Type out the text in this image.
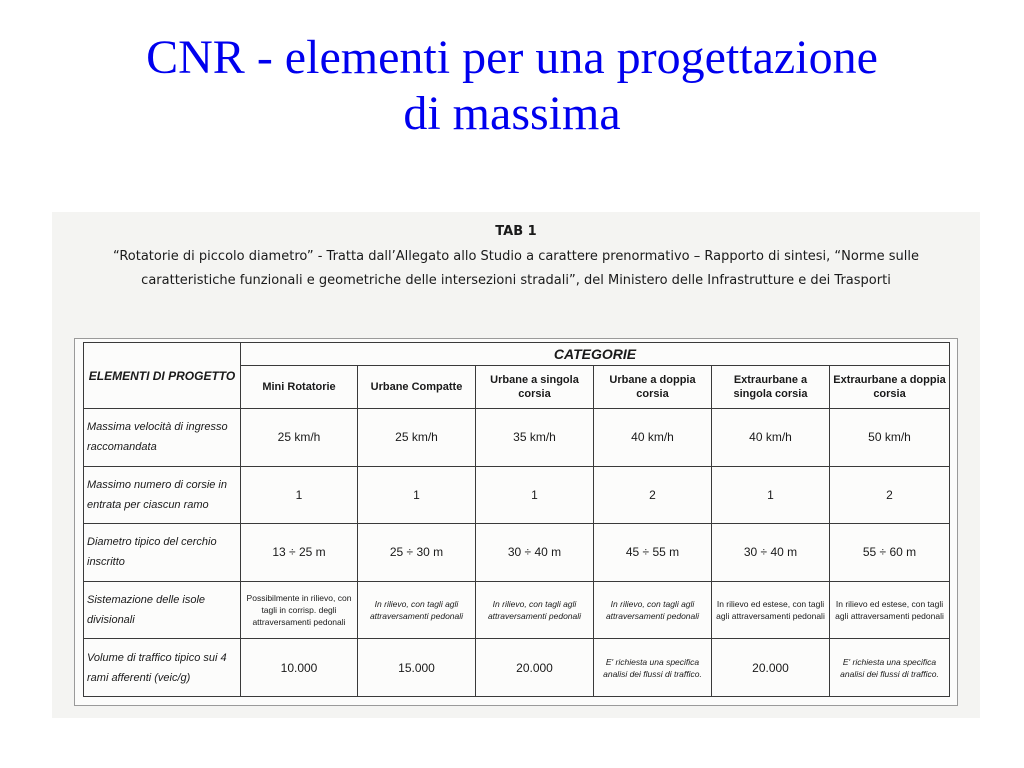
CNR - elementi per una progettazione
di massima
TAB 1
“Rotatorie di piccolo diametro” - Tratta dall’Allegato allo Studio a carattere prenormativo – Rapporto di sintesi, “Norme sulle caratteristiche funzionali e geometriche delle intersezioni stradali”, del Ministero delle Infrastrutture e dei Trasporti
ELEMENTI DI PROGETTO	CATEGORIE					
	Mini Rotatorie	Urbane Compatte	Urbane a singola corsia	Urbane a doppia corsia	Extraurbane a singola corsia	Extraurbane a doppia corsia
Massima velocità di ingresso raccomandata	25 km/h	25 km/h	35 km/h	40 km/h	40 km/h	50 km/h
Massimo numero di corsie in entrata per ciascun ramo	1	1	1	2	1	2
Diametro tipico del cerchio inscritto	13 ÷ 25 m	25 ÷ 30 m	30 ÷ 40 m	45 ÷ 55 m	30 ÷ 40 m	55 ÷ 60 m
Sistemazione delle isole divisionali	Possibilmente in rilievo, con tagli in corrisp. degli attraversamenti pedonali	In rilievo, con tagli agli attraversamenti pedonali	In rilievo, con tagli agli attraversamenti pedonali	In rilievo, con tagli agli attraversamenti pedonali	In rilievo ed estese, con tagli agli attraversamenti pedonali	In rilievo ed estese, con tagli agli attraversamenti pedonali
Volume di traffico tipico sui 4 rami afferenti (veic/g)	10.000	15.000	20.000	E' richiesta una specifica analisi dei flussi di traffico.	20.000	E' richiesta una specifica analisi dei flussi di traffico.
